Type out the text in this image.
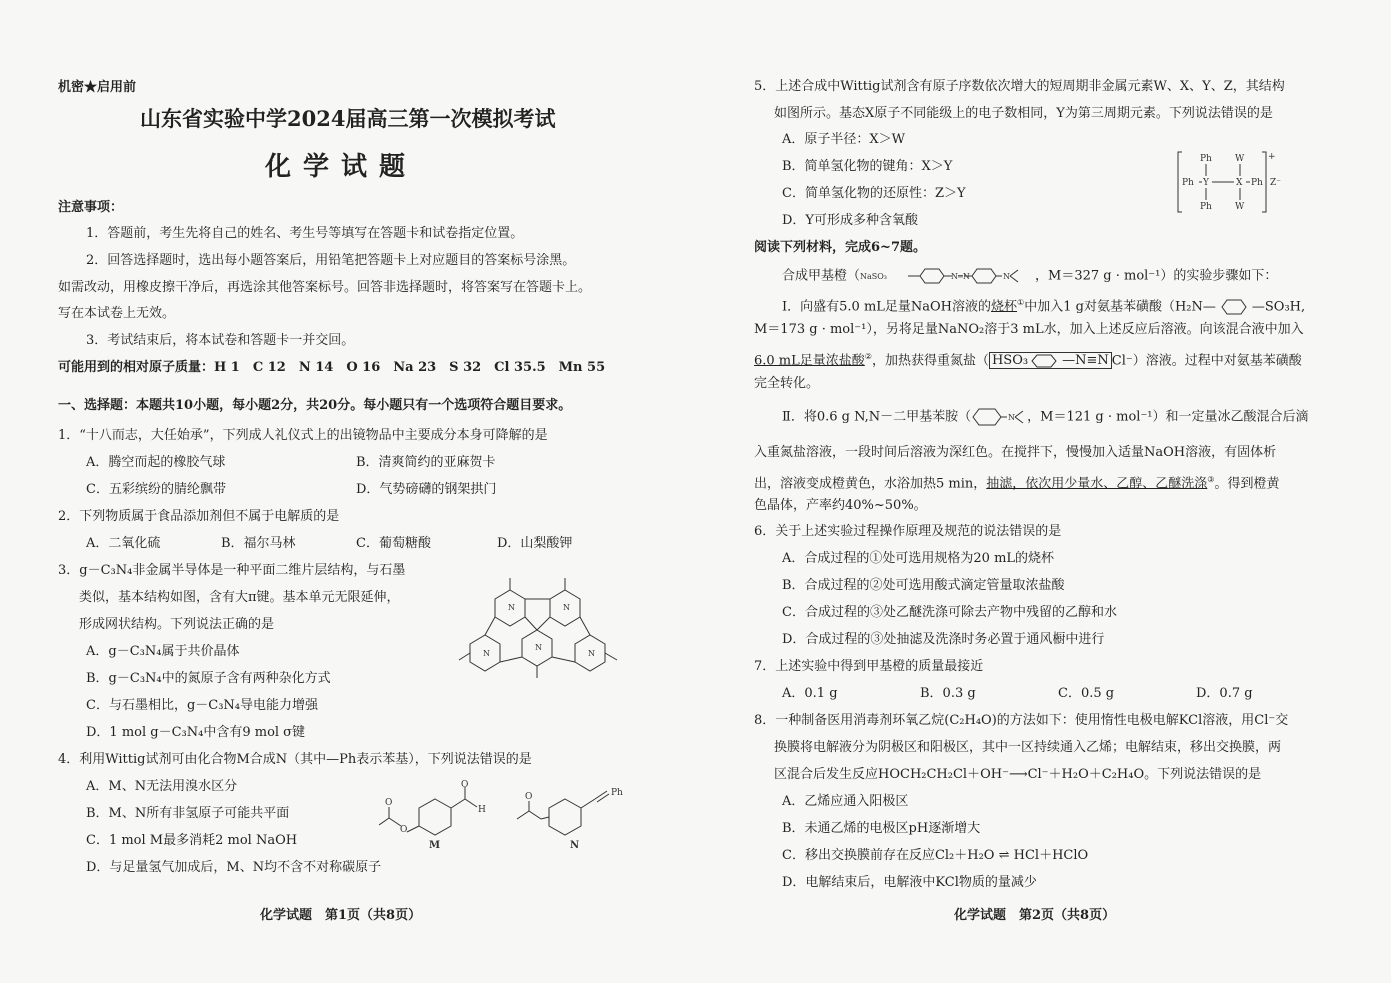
机密★启用前
山东省实验中学2024届高三第一次模拟考试
化学试题
注意事项：
1．答题前，考生先将自己的姓名、考生号等填写在答题卡和试卷指定位置。
2．回答选择题时，选出每小题答案后，用铅笔把答题卡上对应题目的答案标号涂黑。
如需改动，用橡皮擦干净后，再选涂其他答案标号。回答非选择题时，将答案写在答题卡上。
写在本试卷上无效。
3．考试结束后，将本试卷和答题卡一并交回。
可能用到的相对原子质量：H 1　C 12　N 14　O 16　Na 23　S 32　Cl 35.5　Mn 55
一、选择题：本题共10小题，每小题2分，共20分。每小题只有一个选项符合题目要求。
1．“十八而志，大任始承”，下列成人礼仪式上的出镜物品中主要成分本身可降解的是
A．腾空而起的橡胶气球	B．清爽简约的亚麻贺卡
C．五彩缤纷的腈纶飘带	D．气势磅礴的钢架拱门
2．下列物质属于食品添加剂但不属于电解质的是
A．二氧化硫	B．福尔马林	C．葡萄糖酸	D．山梨酸钾
3．g－C₃N₄非金属半导体是一种平面二维片层结构，与石墨
类似，基本结构如图，含有大π键。基本单元无限延伸，
形成网状结构。下列说法正确的是
A．g－C₃N₄属于共价晶体
B．g－C₃N₄中的氮原子含有两种杂化方式
C．与石墨相比，g－C₃N₄导电能力增强
D．1 mol g－C₃N₄中含有9 mol σ键
N	N
N
N	N
4．利用Wittig试剂可由化合物M合成N（其中—Ph表示苯基），下列说法错误的是
A．M、N无法用溴水区分
B．M、N所有非氢原子可能共平面
C．1 mol M最多消耗2 mol NaOH
D．与足量氢气加成后，M、N均不含不对称碳原子
O
H
O
O
M
O	Ph
N
化学试题　第1页（共8页）
5．上述合成中Wittig试剂含有原子序数依次增大的短周期非金属元素W、X、Y、Z，其结构
如图所示。基态X原子不同能级上的电子数相同，Y为第三周期元素。下列说法错误的是
A．原子半径：X＞W
B．简单氢化物的键角：X＞Y
C．简单氢化物的还原性：Z＞Y
D．Y可形成多种含氧酸
Ph	W
Ph Y	X Ph
Ph	W
+
Z⁻
阅读下列材料，完成6~7题。
合成甲基橙（ NaSO₃	N═N	N ，M＝327 g · mol⁻¹）的实验步骤如下：
Ⅰ．向盛有5.0 mL足量NaOH溶液的烧杯①中加入1 g对氨基苯磺酸（H₂N—	—SO₃H,
M＝173 g · mol⁻¹），另将足量NaNO₂溶于3 mL水，加入上述反应后溶液。向该混合液中加入
6.0 mL足量浓盐酸②，加热获得重氮盐（ HSO₃	—N≡N Cl⁻）溶液。过程中对氨基苯磺酸
完全转化。
Ⅱ．将0.6 g N,N－二甲基苯胺（	N ，M＝121 g · mol⁻¹）和一定量冰乙酸混合后滴
入重氮盐溶液，一段时间后溶液为深红色。在搅拌下，慢慢加入适量NaOH溶液，有固体析
出，溶液变成橙黄色，水浴加热5 min，抽滤，依次用少量水、乙醇、乙醚洗涤③。得到橙黄
色晶体，产率约40%~50%。
6．关于上述实验过程操作原理及规范的说法错误的是
A．合成过程的①处可选用规格为20 mL的烧杯
B．合成过程的②处可选用酸式滴定管量取浓盐酸
C．合成过程的③处乙醚洗涤可除去产物中残留的乙醇和水
D．合成过程的③处抽滤及洗涤时务必置于通风橱中进行
7．上述实验中得到甲基橙的质量最接近
A．0.1 g	B．0.3 g	C．0.5 g	D．0.7 g
8．一种制备医用消毒剂环氧乙烷(C₂H₄O)的方法如下：使用惰性电极电解KCl溶液，用Cl⁻交
换膜将电解液分为阴极区和阳极区，其中一区持续通入乙烯；电解结束，移出交换膜，两
区混合后发生反应HOCH₂CH₂Cl＋OH⁻⟶Cl⁻＋H₂O＋C₂H₄O。下列说法错误的是
A．乙烯应通入阳极区
B．未通乙烯的电极区pH逐渐增大
C．移出交换膜前存在反应Cl₂＋H₂O ⇌ HCl＋HClO
D．电解结束后，电解液中KCl物质的量减少
化学试题　第2页（共8页）
